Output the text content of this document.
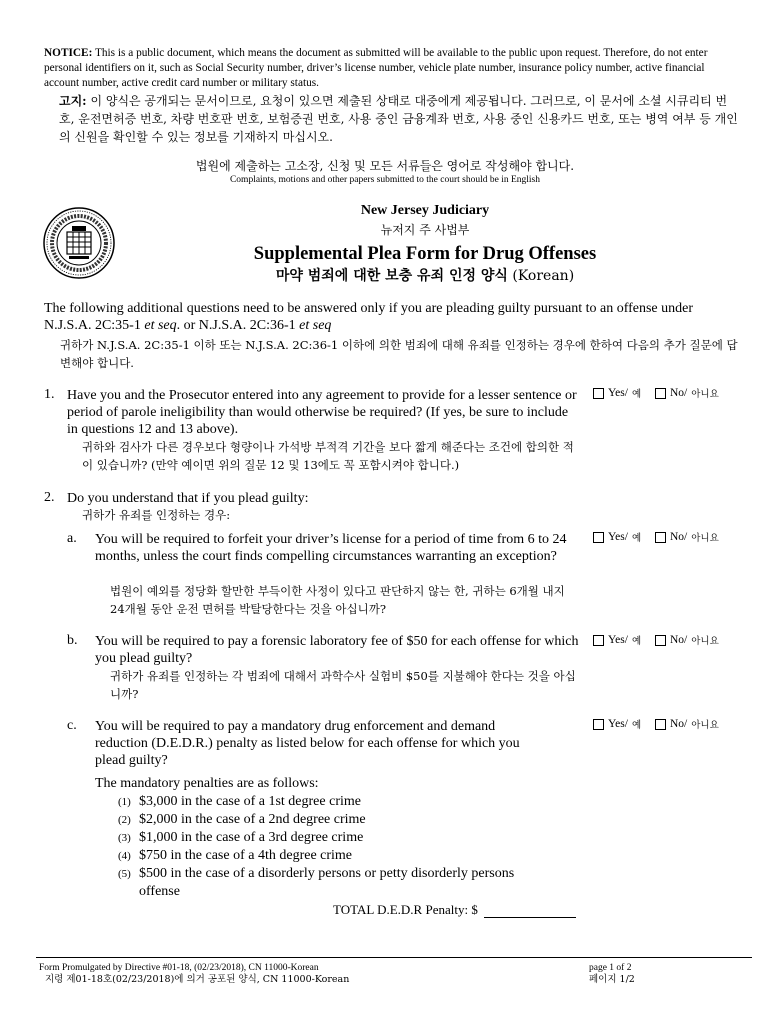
NOTICE: This is a public document, which means the document as submitted will be available to the public upon request. Therefore, do not enter personal identifiers on it, such as Social Security number, driver’s license number, vehicle plate number, insurance policy number, active financial account number, active credit card number or military status.
고지: 이 양식은 공개되는 문서이므로, 요청이 있으면 제출된 상태로 대중에게 제공됩니다. 그러므로, 이 문서에 소셜 시큐리티 번호, 운전면허증 번호, 차량 번호판 번호, 보험증권 번호, 사용 중인 금융계좌 번호, 사용 중인 신용카드 번호, 또는 병역 여부 등 개인의 신원을 확인할 수 있는 정보를 기재하지 마십시오.
법원에 제출하는 고소장, 신청 및 모든 서류들은 영어로 작성해야 합니다.
Complaints, motions and other papers submitted to the court should be in English
New Jersey Judiciary
뉴저지 주 사법부
Supplemental Plea Form for Drug Offenses
마약 범죄에 대한 보충 유죄 인정 양식 (Korean)
The following additional questions need to be answered only if you are pleading guilty pursuant to an offense under N.J.S.A. 2C:35-1 et seq. or N.J.S.A. 2C:36-1 et seq
귀하가 N.J.S.A. 2C:35-1 이하 또는 N.J.S.A. 2C:36-1 이하에 의한 범죄에 대해 유죄를 인정하는 경우에 한하여 다음의 추가 질문에 답변해야 합니다.
1. Have you and the Prosecutor entered into any agreement to provide for a lesser sentence or period of parole ineligibility than would otherwise be required? (If yes, be sure to include in questions 12 and 13 above).
귀하와 검사가 다른 경우보다 형량이나 가석방 부적격 기간을 보다 짧게 해준다는 조건에 합의한 적이 있습니까? (만약 예이면 위의 질문 12 및 13에도 꼭 포함시켜야 합니다.)
Yes/ 예	No/ 아니요
2. Do you understand that if you plead guilty:
귀하가 유죄를 인정하는 경우:
a. You will be required to forfeit your driver’s license for a period of time from 6 to 24 months, unless the court finds compelling circumstances warranting an exception?
법원이 예외를 정당화 할만한 부득이한 사정이 있다고 판단하지 않는 한, 귀하는 6개월 내지 24개월 동안 운전 면허를 박탈당한다는 것을 아십니까?
Yes/ 예	No/ 아니요
b. You will be required to pay a forensic laboratory fee of $50 for each offense for which you plead guilty?
귀하가 유죄를 인정하는 각 범죄에 대해서 과학수사 실험비 $50를 지불해야 한다는 것을 아십니까?
Yes/ 예	No/ 아니요
c. You will be required to pay a mandatory drug enforcement and demand reduction (D.E.D.R.) penalty as listed below for each offense for which you plead guilty?
Yes/ 예	No/ 아니요
The mandatory penalties are as follows:
(1) $3,000 in the case of a 1st degree crime
(2) $2,000 in the case of a 2nd degree crime
(3) $1,000 in the case of a 3rd degree crime
(4) $750 in the case of a 4th degree crime
(5) $500 in the case of a disorderly persons or petty disorderly persons offense
TOTAL D.E.D.R Penalty: $
Form Promulgated by Directive #01-18, (02/23/2018), CN 11000-Korean
지령 제01-18호(02/23/2018)에 의거 공포된 양식, CN 11000-Korean
page 1 of 2
페이지 1/2
